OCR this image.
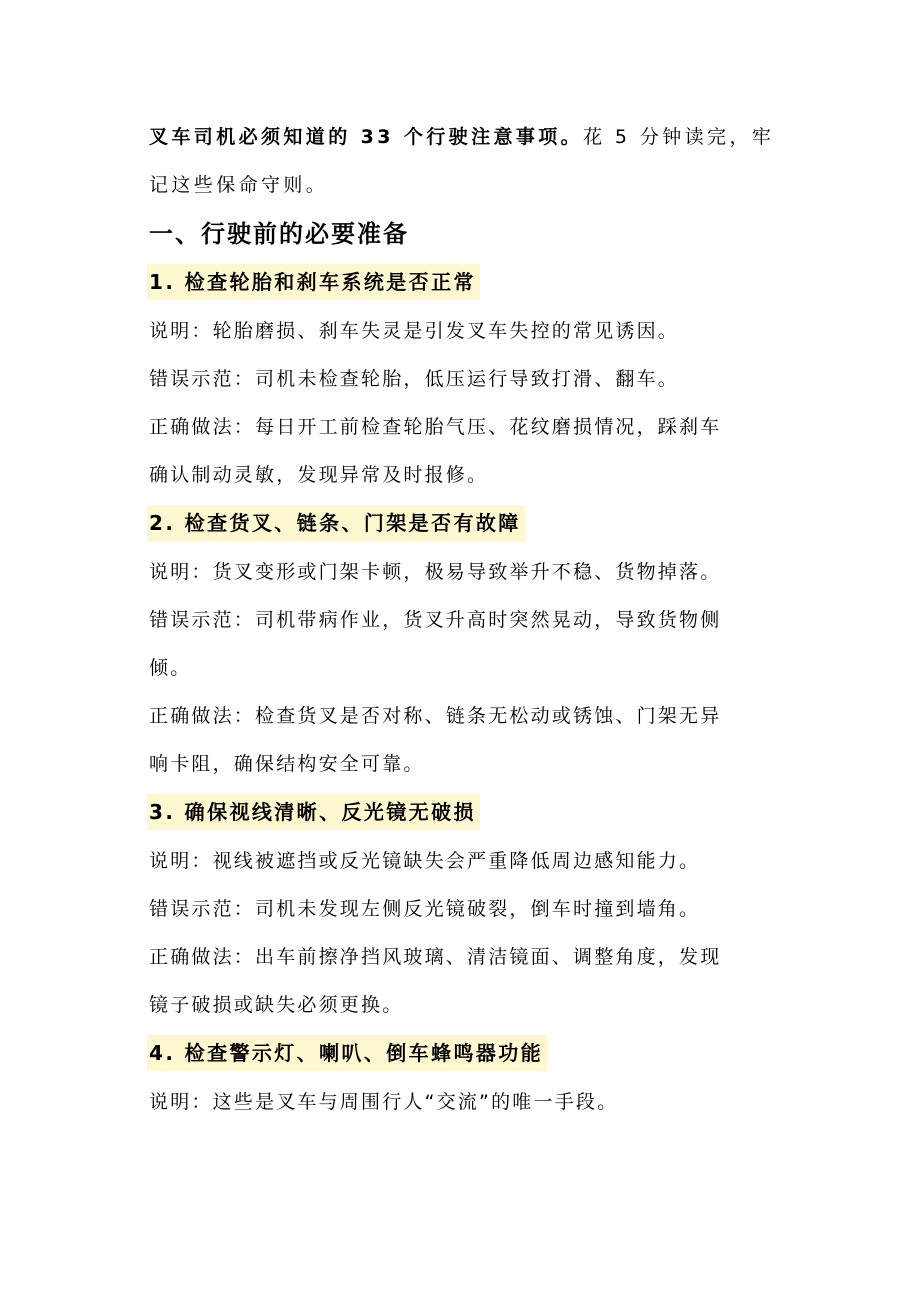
叉车司机必须知道的 33 个行驶注意事项。花 5 分钟读完，牢
记这些保命守则。
一、行驶前的必要准备
1. 检查轮胎和刹车系统是否正常
说明：轮胎磨损、刹车失灵是引发叉车失控的常见诱因。
错误示范：司机未检查轮胎，低压运行导致打滑、翻车。
正确做法：每日开工前检查轮胎气压、花纹磨损情况，踩刹车
确认制动灵敏，发现异常及时报修。
2. 检查货叉、链条、门架是否有故障
说明：货叉变形或门架卡顿，极易导致举升不稳、货物掉落。
错误示范：司机带病作业，货叉升高时突然晃动，导致货物侧
倾。
正确做法：检查货叉是否对称、链条无松动或锈蚀、门架无异
响卡阻，确保结构安全可靠。
3. 确保视线清晰、反光镜无破损
说明：视线被遮挡或反光镜缺失会严重降低周边感知能力。
错误示范：司机未发现左侧反光镜破裂，倒车时撞到墙角。
正确做法：出车前擦净挡风玻璃、清洁镜面、调整角度，发现
镜子破损或缺失必须更换。
4. 检查警示灯、喇叭、倒车蜂鸣器功能
说明：这些是叉车与周围行人“交流”的唯一手段。
